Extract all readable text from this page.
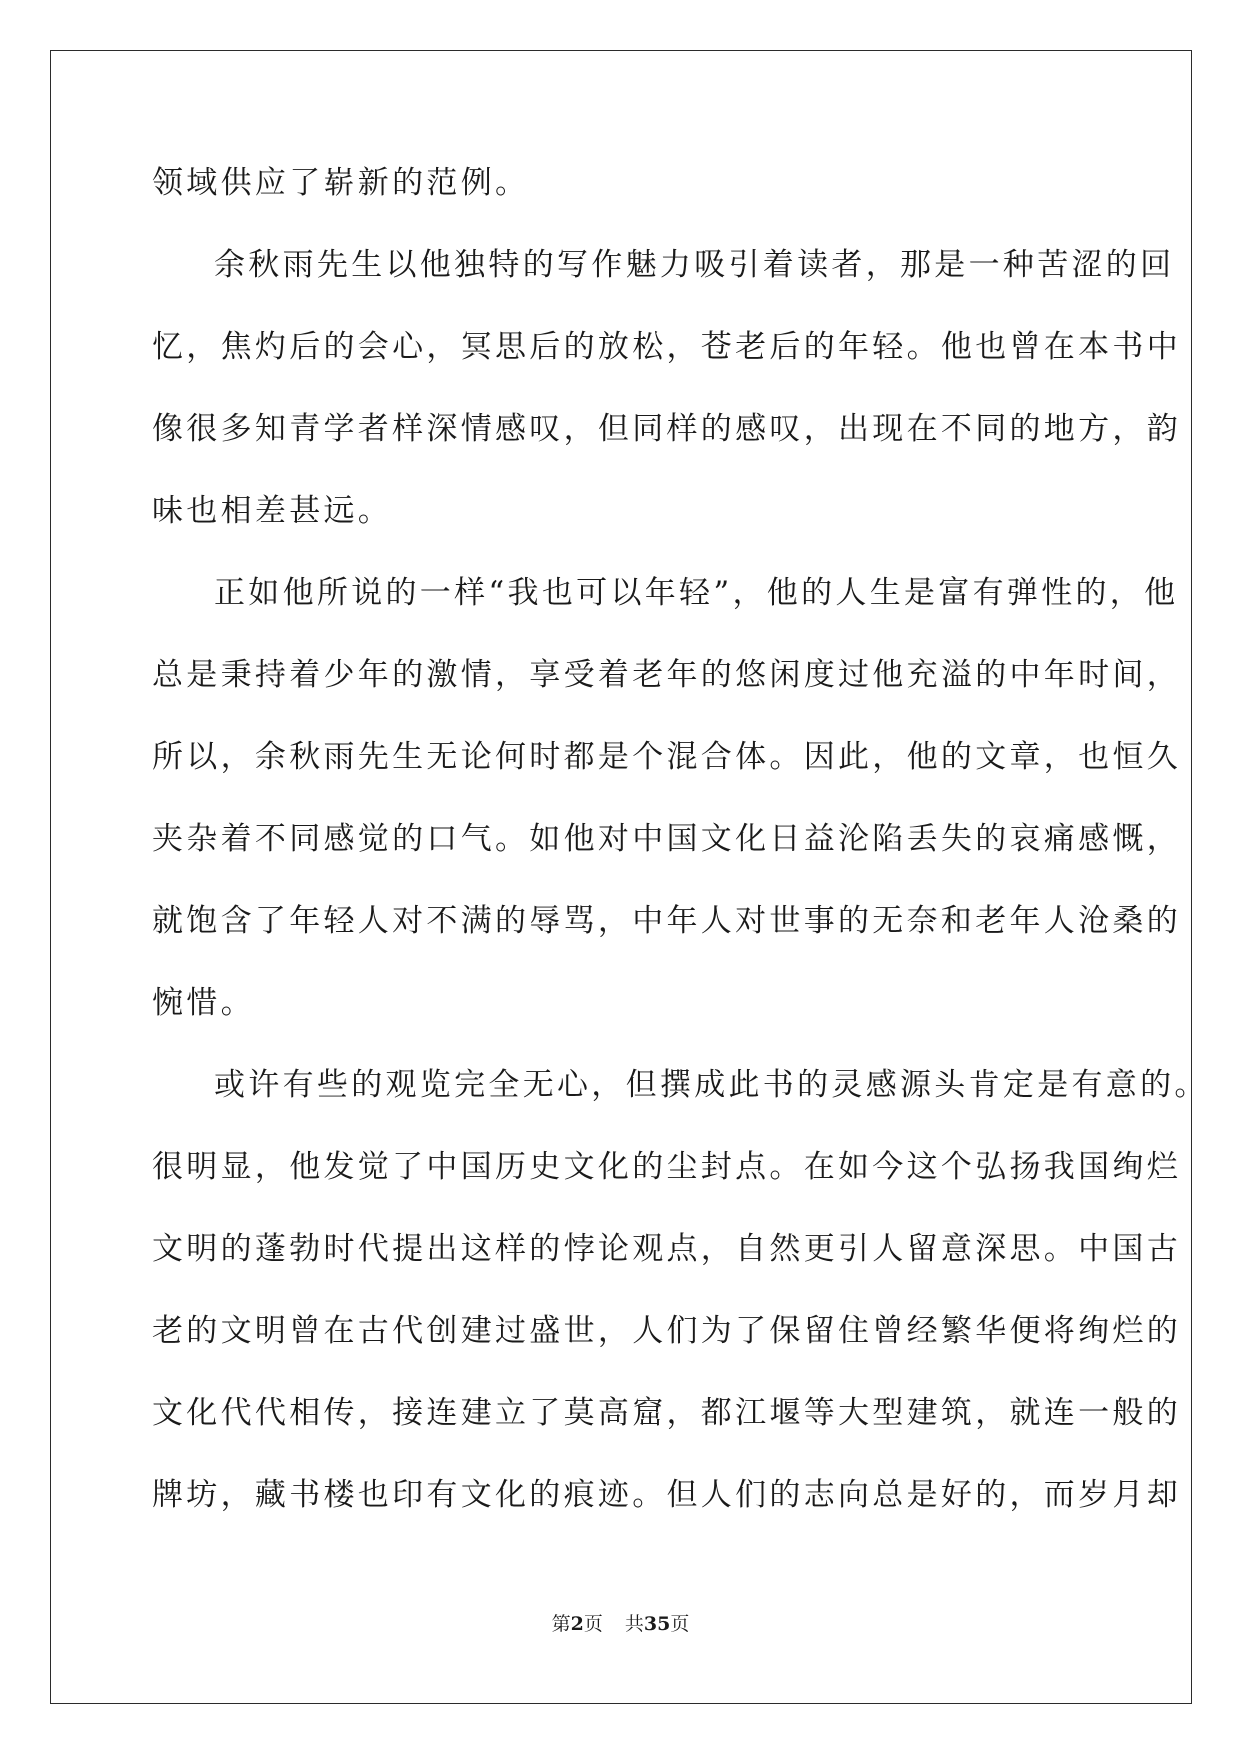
领域供应了崭新的范例。
余秋雨先生以他独特的写作魅力吸引着读者，那是一种苦涩的回
忆，焦灼后的会心，冥思后的放松，苍老后的年轻。他也曾在本书中
像很多知青学者样深情感叹，但同样的感叹，出现在不同的地方，韵
味也相差甚远。
正如他所说的一样“我也可以年轻”，他的人生是富有弹性的，他
总是秉持着少年的激情，享受着老年的悠闲度过他充溢的中年时间，
所以，余秋雨先生无论何时都是个混合体。因此，他的文章，也恒久
夹杂着不同感觉的口气。如他对中国文化日益沦陷丢失的哀痛感慨，
就饱含了年轻人对不满的辱骂，中年人对世事的无奈和老年人沧桑的
惋惜。
或许有些的观览完全无心，但撰成此书的灵感源头肯定是有意的。
很明显，他发觉了中国历史文化的尘封点。在如今这个弘扬我国绚烂
文明的蓬勃时代提出这样的悖论观点，自然更引人留意深思。中国古
老的文明曾在古代创建过盛世，人们为了保留住曾经繁华便将绚烂的
文化代代相传，接连建立了莫高窟，都江堰等大型建筑，就连一般的
牌坊，藏书楼也印有文化的痕迹。但人们的志向总是好的，而岁月却
第2页 共35页
